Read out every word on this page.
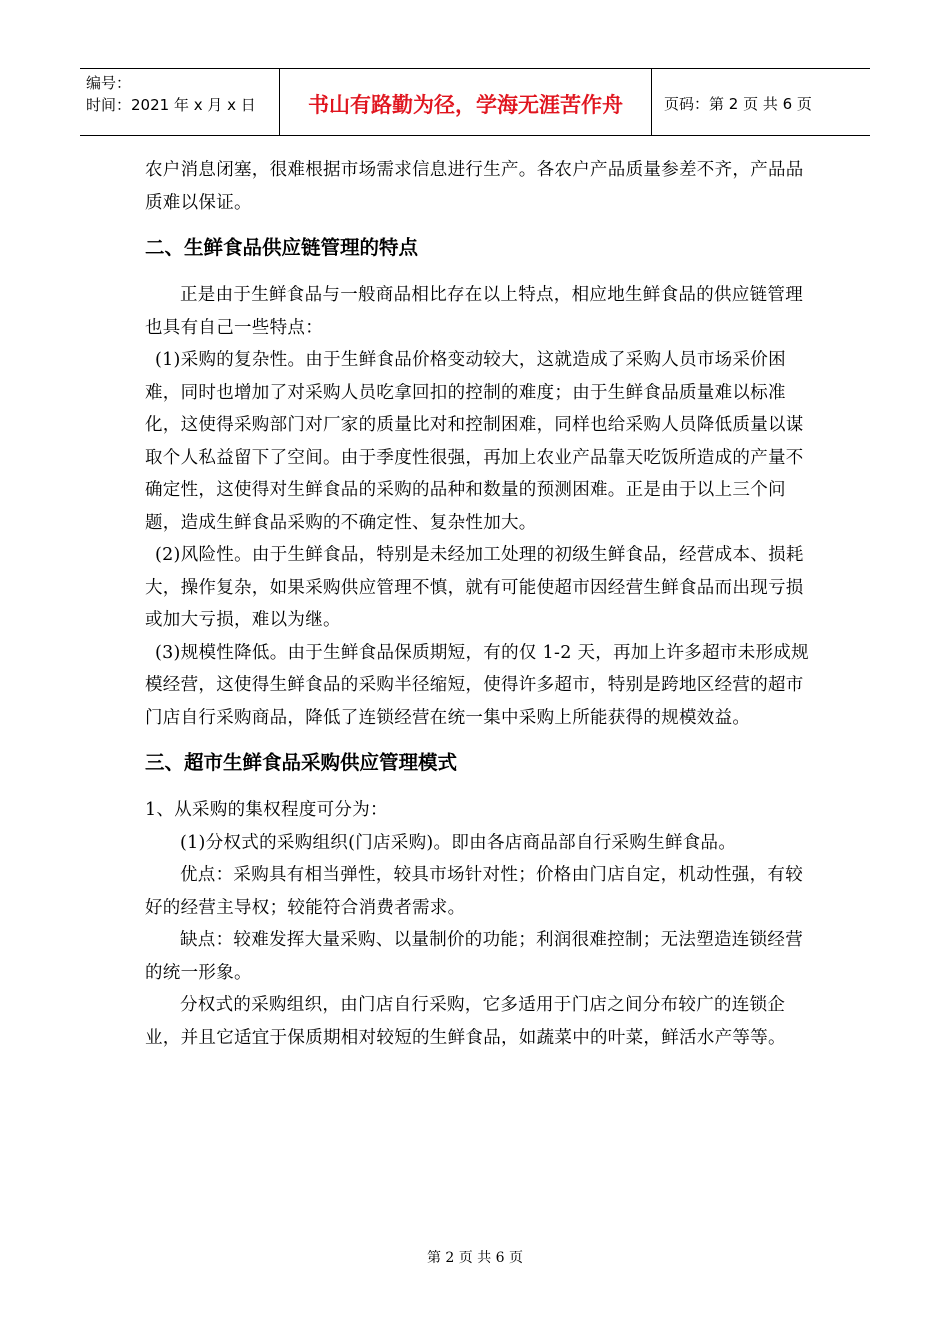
编号：
时间：2021 年 x 月 x 日	书山有路勤为径，学海无涯苦作舟	页码：第 2 页 共 6 页

农户消息闭塞，很难根据市场需求信息进行生产。各农户产品质量参差不齐，产品品质难以保证。

二、生鲜食品供应链管理的特点

正是由于生鲜食品与一般商品相比存在以上特点，相应地生鲜食品的供应链管理也具有自己一些特点：

(1)采购的复杂性。由于生鲜食品价格变动较大，这就造成了采购人员市场采价困难，同时也增加了对采购人员吃拿回扣的控制的难度；由于生鲜食品质量难以标准化，这使得采购部门对厂家的质量比对和控制困难，同样也给采购人员降低质量以谋取个人私益留下了空间。由于季度性很强，再加上农业产品靠天吃饭所造成的产量不确定性，这使得对生鲜食品的采购的品种和数量的预测困难。正是由于以上三个问题，造成生鲜食品采购的不确定性、复杂性加大。

(2)风险性。由于生鲜食品，特别是未经加工处理的初级生鲜食品，经营成本、损耗大，操作复杂，如果采购供应管理不慎，就有可能使超市因经营生鲜食品而出现亏损或加大亏损，难以为继。

(3)规模性降低。由于生鲜食品保质期短，有的仅 1-2 天，再加上许多超市未形成规模经营，这使得生鲜食品的采购半径缩短，使得许多超市，特别是跨地区经营的超市门店自行采购商品，降低了连锁经营在统一集中采购上所能获得的规模效益。

三、超市生鲜食品采购供应管理模式

1、从采购的集权程度可分为：

(1)分权式的采购组织(门店采购)。即由各店商品部自行采购生鲜食品。

优点：采购具有相当弹性，较具市场针对性；价格由门店自定，机动性强，有较好的经营主导权；较能符合消费者需求。

缺点：较难发挥大量采购、以量制价的功能；利润很难控制；无法塑造连锁经营的统一形象。

分权式的采购组织，由门店自行采购，它多适用于门店之间分布较广的连锁企业，并且它适宜于保质期相对较短的生鲜食品，如蔬菜中的叶菜，鲜活水产等等。

第 2 页 共 6 页
